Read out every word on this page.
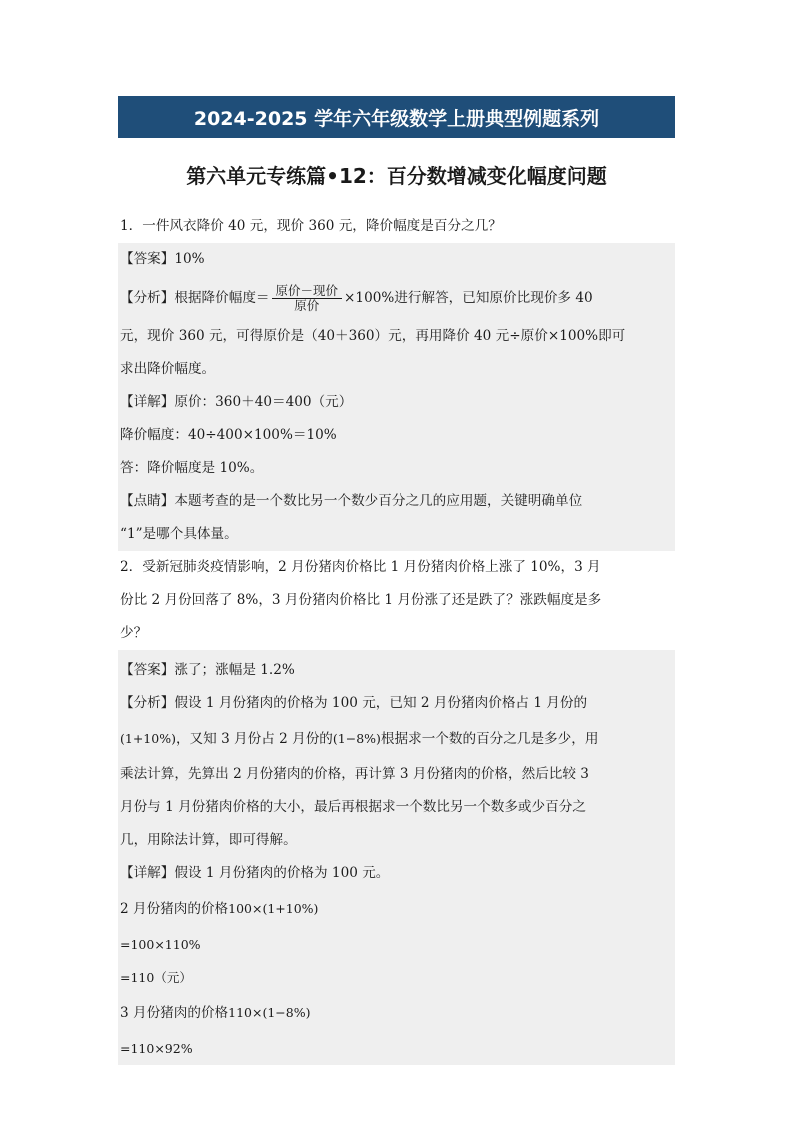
2024-2025 学年六年级数学上册典型例题系列
第六单元专练篇•12：百分数增减变化幅度问题
1．一件风衣降价 40 元，现价 360 元，降价幅度是百分之几？
【答案】10%
【分析】根据降价幅度＝ $\frac{\text{原价－现价}}{\text{原价}} \times 100\%$进行解答，已知原价比现价多 40
元，现价 360 元，可得原价是（40＋360）元，再用降价 40 元÷原价×100%即可
求出降价幅度。
【详解】原价：360＋40＝400（元）
降价幅度：40÷400×100%＝10%
答：降价幅度是 10%。
【点睛】本题考查的是一个数比另一个数少百分之几的应用题，关键明确单位
“1”是哪个具体量。
2．受新冠肺炎疫情影响，2 月份猪肉价格比 1 月份猪肉价格上涨了 10%，3 月
份比 2 月份回落了 8%，3 月份猪肉价格比 1 月份涨了还是跌了？涨跌幅度是多
少？
【答案】涨了；涨幅是 1.2%
【分析】假设 1 月份猪肉的价格为 100 元，已知 2 月份猪肉价格占 1 月份的
(1+10%)，又知 3 月份占 2 月份的(1−8%)根据求一个数的百分之几是多少，用
乘法计算，先算出 2 月份猪肉的价格，再计算 3 月份猪肉的价格，然后比较 3
月份与 1 月份猪肉价格的大小，最后再根据求一个数比另一个数多或少百分之
几，用除法计算，即可得解。
【详解】假设 1 月份猪肉的价格为 100 元。
2 月份猪肉的价格100×(1+10%)
=100×110%
=110（元）
3 月份猪肉的价格110×(1−8%)
=110×92%
